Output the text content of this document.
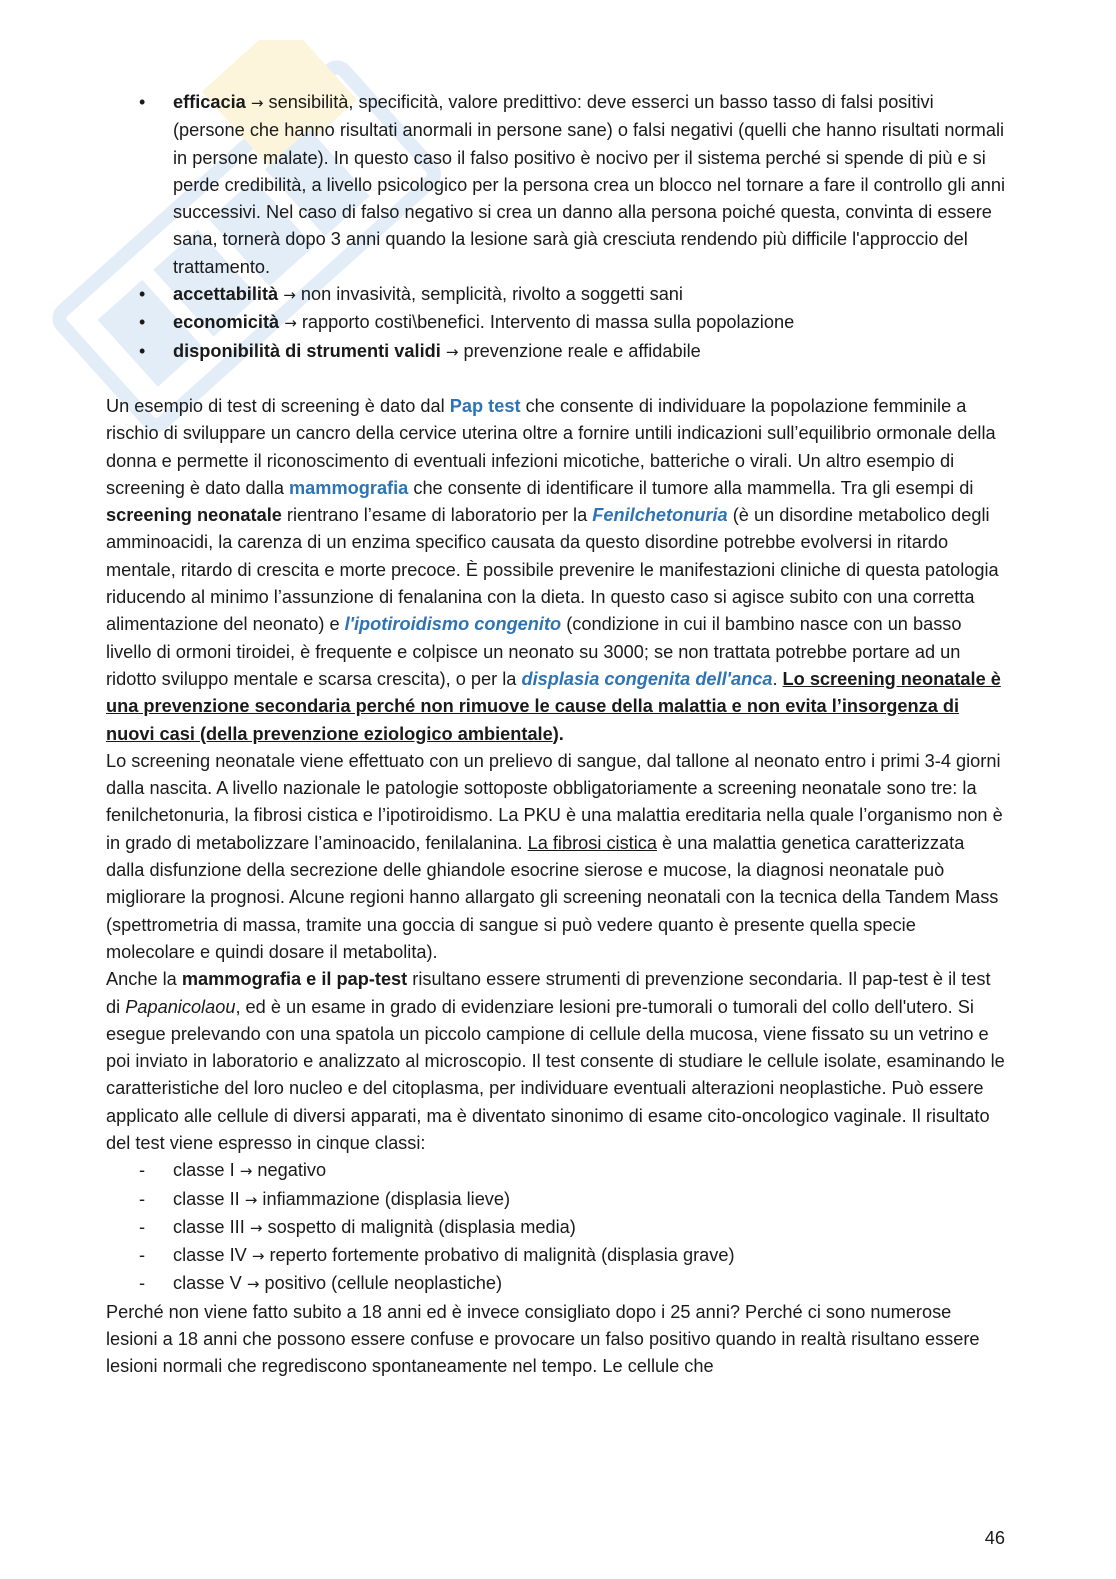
• efficacia → sensibilità, specificità, valore predittivo: deve esserci un basso tasso di falsi positivi (persone che hanno risultati anormali in persone sane) o falsi negativi (quelli che hanno risultati normali in persone malate). In questo caso il falso positivo è nocivo per il sistema perché si spende di più e si perde credibilità, a livello psicologico per la persona crea un blocco nel tornare a fare il controllo gli anni successivi. Nel caso di falso negativo si crea un danno alla persona poiché questa, convinta di essere sana, tornerà dopo 3 anni quando la lesione sarà già cresciuta rendendo più difficile l'approccio del trattamento.
• accettabilità → non invasività, semplicità, rivolto a soggetti sani
• economicità → rapporto costi\benefici. Intervento di massa sulla popolazione
• disponibilità di strumenti validi → prevenzione reale e affidabile

Un esempio di test di screening è dato dal Pap test che consente di individuare la popolazione femminile a rischio di sviluppare un cancro della cervice uterina oltre a fornire untili indicazioni sull’equilibrio ormonale della donna e permette il riconoscimento di eventuali infezioni micotiche, batteriche o virali. Un altro esempio di screening è dato dalla mammografia che consente di identificare il tumore alla mammella. Tra gli esempi di screening neonatale rientrano l’esame di laboratorio per la Fenilchetonuria (è un disordine metabolico degli amminoacidi, la carenza di un enzima specifico causata da questo disordine potrebbe evolversi in ritardo mentale, ritardo di crescita e morte precoce. È possibile prevenire le manifestazioni cliniche di questa patologia riducendo al minimo l’assunzione di fenalanina con la dieta. In questo caso si agisce subito con una corretta alimentazione del neonato) e l'ipotiroidismo congenito (condizione in cui il bambino nasce con un basso livello di ormoni tiroidei, è frequente e colpisce un neonato su 3000; se non trattata potrebbe portare ad un ridotto sviluppo mentale e scarsa crescita), o per la displasia congenita dell'anca. Lo screening neonatale è una prevenzione secondaria perché non rimuove le cause della malattia e non evita l’insorgenza di nuovi casi (della prevenzione eziologico ambientale).

Lo screening neonatale viene effettuato con un prelievo di sangue, dal tallone al neonato entro i primi 3-4 giorni dalla nascita. A livello nazionale le patologie sottoposte obbligatoriamente a screening neonatale sono tre: la fenilchetonuria, la fibrosi cistica e l’ipotiroidismo. La PKU è una malattia ereditaria nella quale l’organismo non è in grado di metabolizzare l’aminoacido, fenilalanina. La fibrosi cistica è una malattia genetica caratterizzata dalla disfunzione della secrezione delle ghiandole esocrine sierose e mucose, la diagnosi neonatale può migliorare la prognosi. Alcune regioni hanno allargato gli screening neonatali con la tecnica della Tandem Mass (spettrometria di massa, tramite una goccia di sangue si può vedere quanto è presente quella specie molecolare e quindi dosare il metabolita).

Anche la mammografia e il pap-test risultano essere strumenti di prevenzione secondaria. Il pap-test è il test di Papanicolaou, ed è un esame in grado di evidenziare lesioni pre-tumorali o tumorali del collo dell'utero. Si esegue prelevando con una spatola un piccolo campione di cellule della mucosa, viene fissato su un vetrino e poi inviato in laboratorio e analizzato al microscopio. Il test consente di studiare le cellule isolate, esaminando le caratteristiche del loro nucleo e del citoplasma, per individuare eventuali alterazioni neoplastiche. Può essere applicato alle cellule di diversi apparati, ma è diventato sinonimo di esame cito-oncologico vaginale. Il risultato del test viene espresso in cinque classi:

- classe I → negativo
- classe II → infiammazione (displasia lieve)
- classe III → sospetto di malignità (displasia media)
- classe IV → reperto fortemente probativo di malignità (displasia grave)
- classe V → positivo (cellule neoplastiche)

Perché non viene fatto subito a 18 anni ed è invece consigliato dopo i 25 anni? Perché ci sono numerose lesioni a 18 anni che possono essere confuse e provocare un falso positivo quando in realtà risultano essere lesioni normali che regrediscono spontaneamente nel tempo. Le cellule che

46
